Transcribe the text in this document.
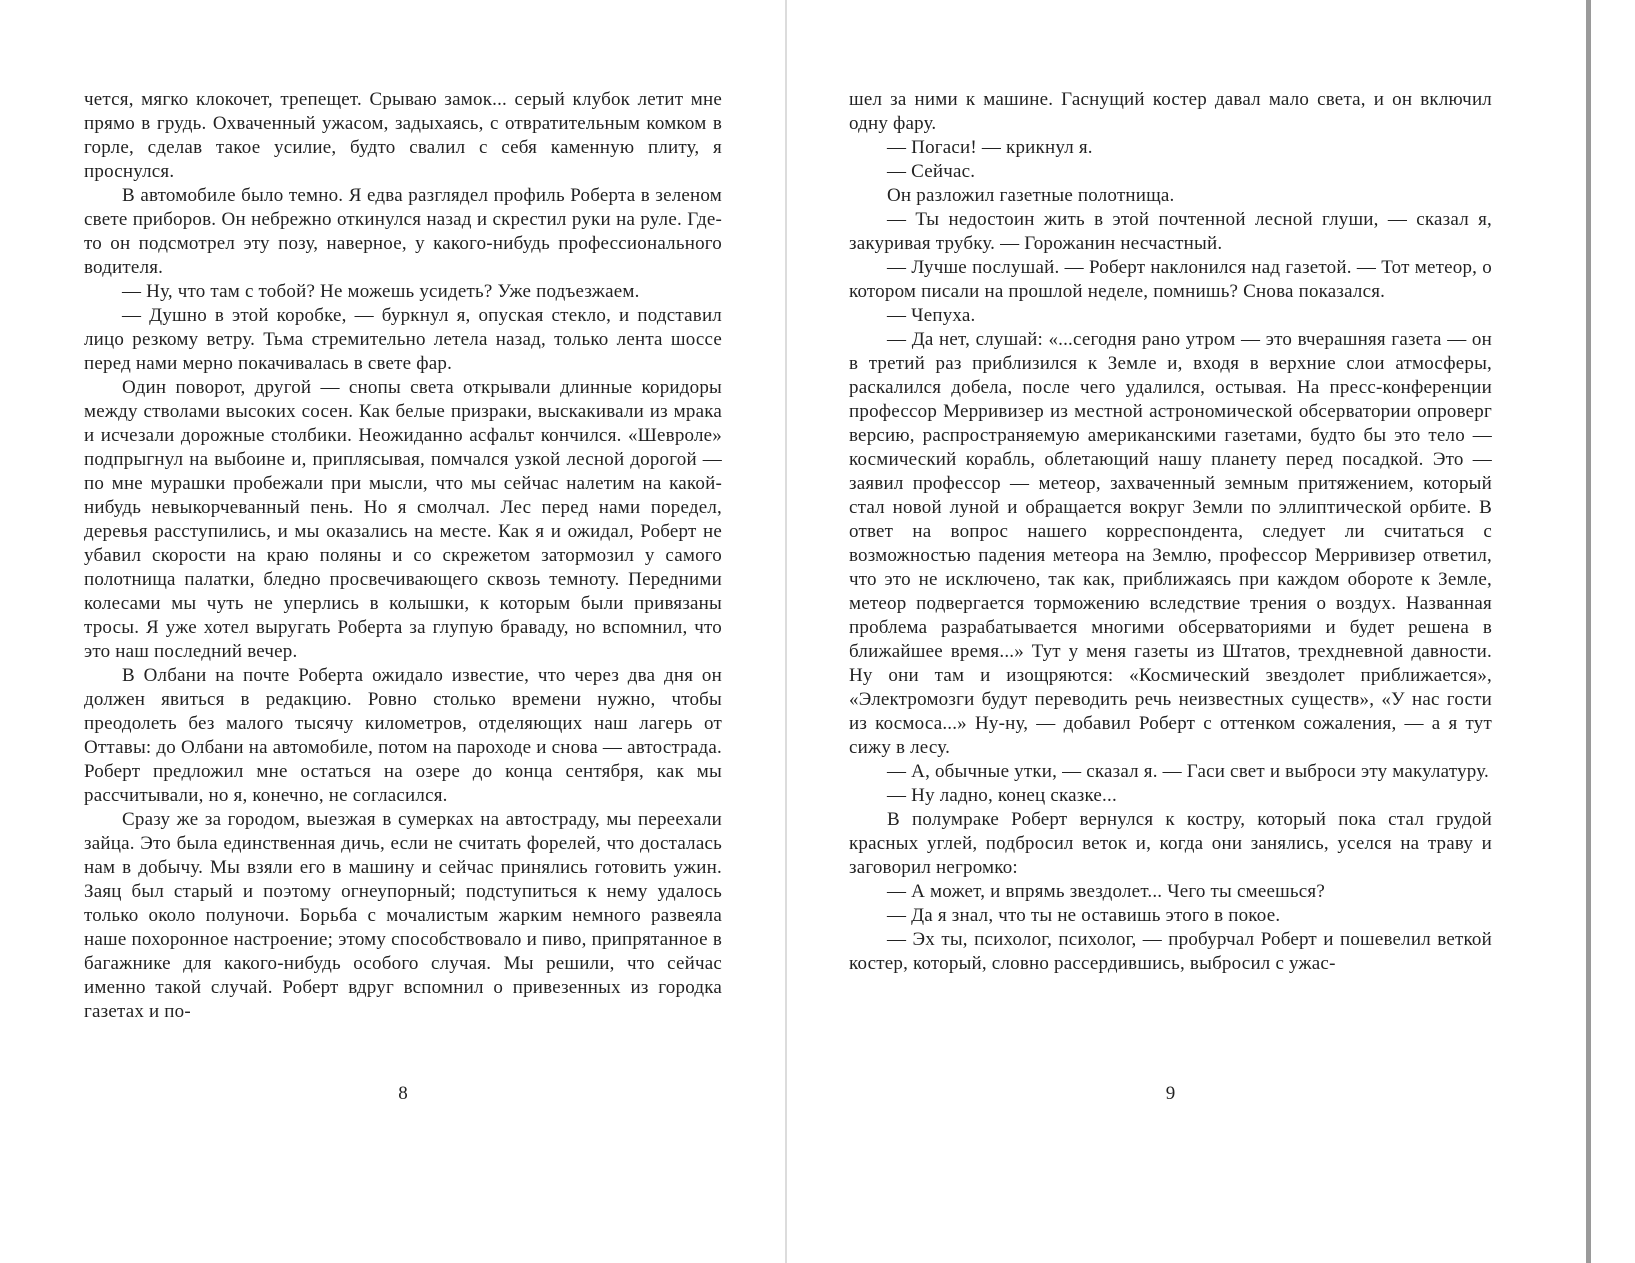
чется, мягко клокочет, трепещет. Срываю замок... серый клубок летит мне прямо в грудь. Охваченный ужасом, задыхаясь, с отвратительным комком в горле, сделав такое усилие, будто свалил с себя каменную плиту, я проснулся.

В автомобиле было темно. Я едва разглядел профиль Роберта в зеленом свете приборов. Он небрежно откинулся назад и скрестил руки на руле. Где-то он подсмотрел эту позу, наверное, у какого-нибудь профессионального водителя.

— Ну, что там с тобой? Не можешь усидеть? Уже подъезжаем.

— Душно в этой коробке, — буркнул я, опуская стекло, и подставил лицо резкому ветру. Тьма стремительно летела назад, только лента шоссе перед нами мерно покачивалась в свете фар.

Один поворот, другой — снопы света открывали длинные коридоры между стволами высоких сосен. Как белые призраки, выскакивали из мрака и исчезали дорожные столбики. Неожиданно асфальт кончился. «Шевроле» подпрыгнул на выбоине и, приплясывая, помчался узкой лесной дорогой — по мне мурашки пробежали при мысли, что мы сейчас налетим на какой-нибудь невыкорчеванный пень. Но я смолчал. Лес перед нами поредел, деревья расступились, и мы оказались на месте. Как я и ожидал, Роберт не убавил скорости на краю поляны и со скрежетом затормозил у самого полотнища палатки, бледно просвечивающего сквозь темноту. Передними колесами мы чуть не уперлись в колышки, к которым были привязаны тросы. Я уже хотел выругать Роберта за глупую браваду, но вспомнил, что это наш последний вечер.

В Олбани на почте Роберта ожидало известие, что через два дня он должен явиться в редакцию. Ровно столько времени нужно, чтобы преодолеть без малого тысячу километров, отделяющих наш лагерь от Оттавы: до Олбани на автомобиле, потом на пароходе и снова — автострада. Роберт предложил мне остаться на озере до конца сентября, как мы рассчитывали, но я, конечно, не согласился.

Сразу же за городом, выезжая в сумерках на автостраду, мы переехали зайца. Это была единственная дичь, если не считать форелей, что досталась нам в добычу. Мы взяли его в машину и сейчас принялись готовить ужин. Заяц был старый и поэтому огнеупорный; подступиться к нему удалось только около полуночи. Борьба с мочалистым жарким немного развеяла наше похоронное настроение; этому способствовало и пиво, припрятанное в багажнике для какого-нибудь особого случая. Мы решили, что сейчас именно такой случай. Роберт вдруг вспомнил о привезенных из городка газетах и по-

8

шел за ними к машине. Гаснущий костер давал мало света, и он включил одну фару.

— Погаси! — крикнул я.

— Сейчас.

Он разложил газетные полотнища.

— Ты недостоин жить в этой почтенной лесной глуши, — сказал я, закуривая трубку. — Горожанин несчастный.

— Лучше послушай. — Роберт наклонился над газетой. — Тот метеор, о котором писали на прошлой неделе, помнишь? Снова показался.

— Чепуха.

— Да нет, слушай: «...сегодня рано утром — это вчерашняя газета — он в третий раз приблизился к Земле и, входя в верхние слои атмосферы, раскалился добела, после чего удалился, остывая. На пресс-конференции профессор Мерривизер из местной астрономической обсерватории опроверг версию, распространяемую американскими газетами, будто бы это тело — космический корабль, облетающий нашу планету перед посадкой. Это — заявил профессор — метеор, захваченный земным притяжением, который стал новой луной и обращается вокруг Земли по эллиптической орбите. В ответ на вопрос нашего корреспондента, следует ли считаться с возможностью падения метеора на Землю, профессор Мерривизер ответил, что это не исключено, так как, приближаясь при каждом обороте к Земле, метеор подвергается торможению вследствие трения о воздух. Названная проблема разрабатывается многими обсерваториями и будет решена в ближайшее время...» Тут у меня газеты из Штатов, трехдневной давности. Ну они там и изощряются: «Космический звездолет приближается», «Электромозги будут переводить речь неизвестных существ», «У нас гости из космоса...» Ну-ну, — добавил Роберт с оттенком сожаления, — а я тут сижу в лесу.

— А, обычные утки, — сказал я. — Гаси свет и выброси эту макулатуру.

— Ну ладно, конец сказке...

В полумраке Роберт вернулся к костру, который пока стал грудой красных углей, подбросил веток и, когда они занялись, уселся на траву и заговорил негромко:

— А может, и впрямь звездолет... Чего ты смеешься?

— Да я знал, что ты не оставишь этого в покое.

— Эх ты, психолог, психолог, — пробурчал Роберт и пошевелил веткой костер, который, словно рассердившись, выбросил с ужас-

9
